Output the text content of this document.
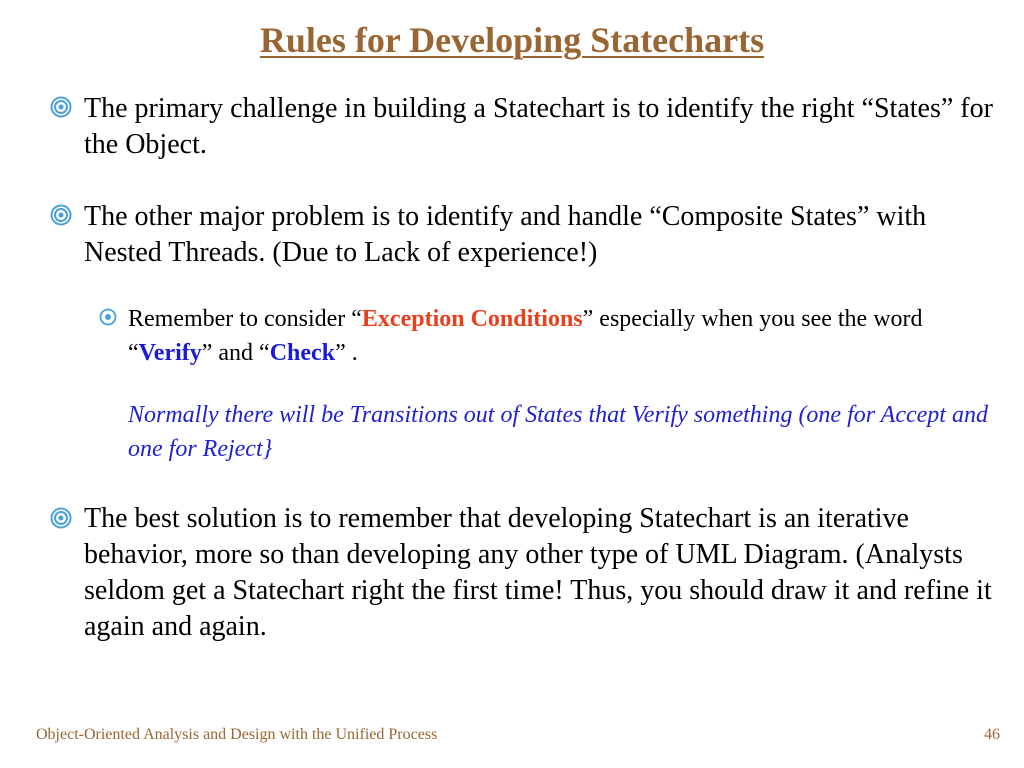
Rules for Developing Statecharts
The primary challenge in building a Statechart is to identify the right “States” for the Object.
The other major problem is to identify and handle “Composite States” with Nested Threads. (Due to Lack of experience!)
Remember to consider “Exception Conditions” especially when you see the word “Verify” and “Check” .
Normally there will be Transitions out of States that Verify something (one for Accept and one for Reject}
The best solution is to remember that developing Statechart is an iterative behavior, more so than developing any other type of UML Diagram. (Analysts seldom get a Statechart right the first time! Thus, you should draw it and refine it again and again.
Object-Oriented Analysis and Design with the Unified Process	46
